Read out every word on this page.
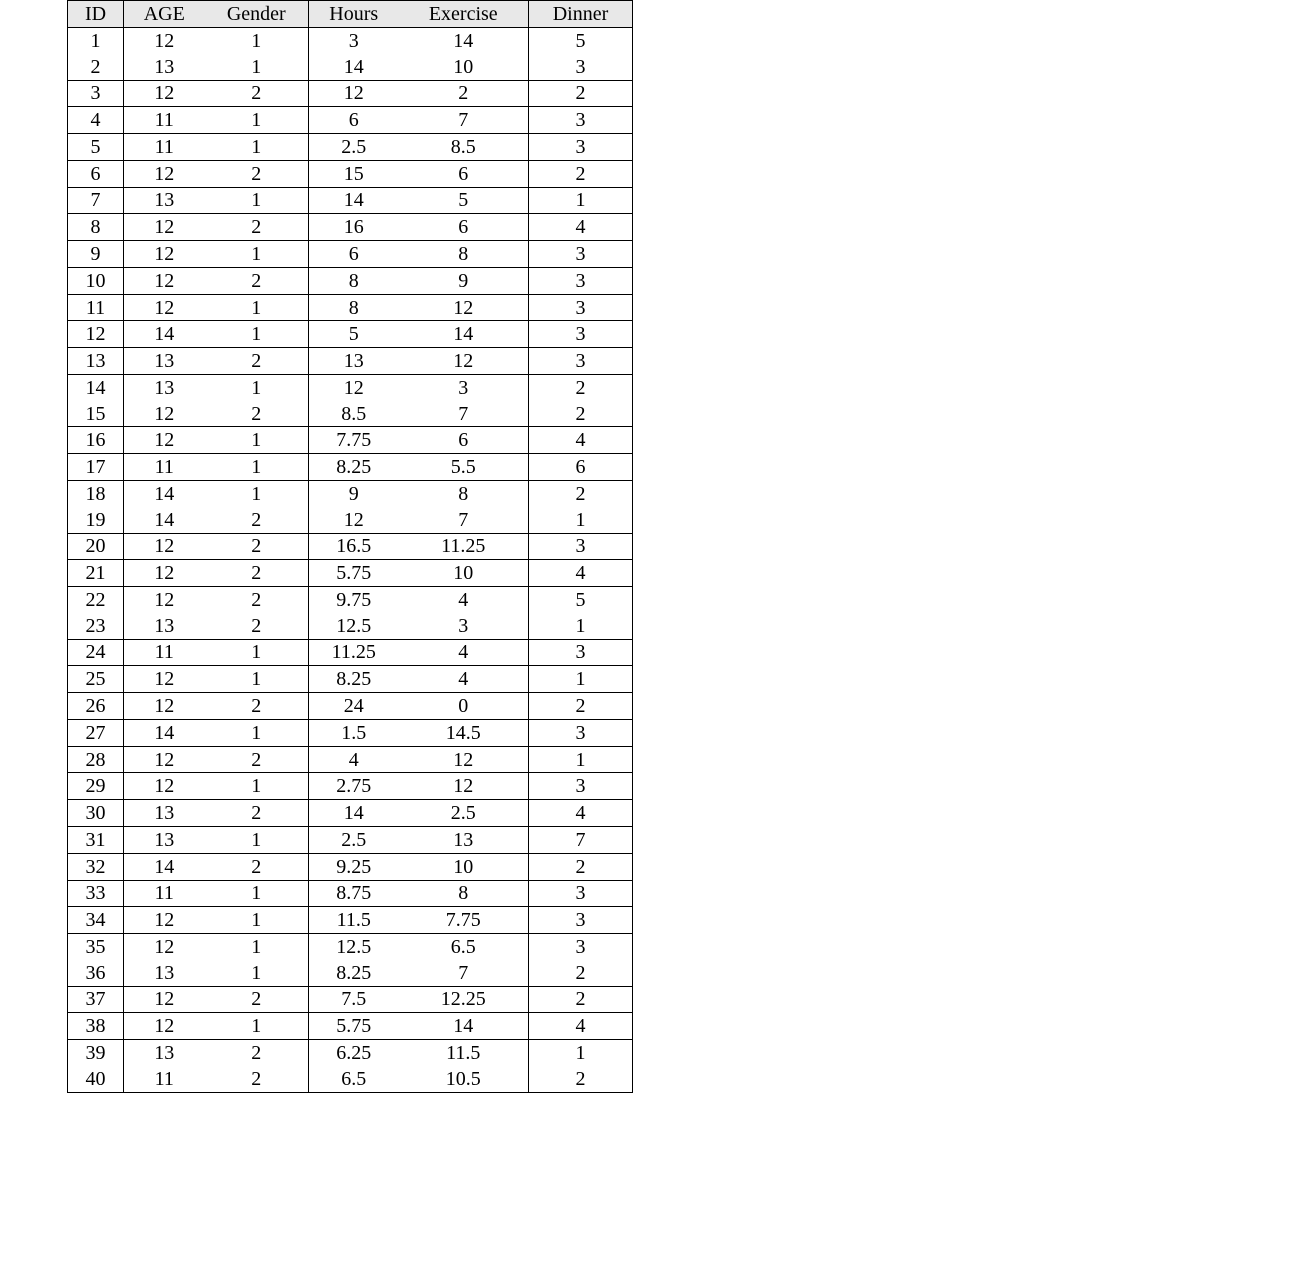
ID	AGE	Gender	Hours	Exercise	Dinner
1	12	1	3	14	5
2	13	1	14	10	3
3	12	2	12	2	2
4	11	1	6	7	3
5	11	1	2.5	8.5	3
6	12	2	15	6	2
7	13	1	14	5	1
8	12	2	16	6	4
9	12	1	6	8	3
10	12	2	8	9	3
11	12	1	8	12	3
12	14	1	5	14	3
13	13	2	13	12	3
14	13	1	12	3	2
15	12	2	8.5	7	2
16	12	1	7.75	6	4
17	11	1	8.25	5.5	6
18	14	1	9	8	2
19	14	2	12	7	1
20	12	2	16.5	11.25	3
21	12	2	5.75	10	4
22	12	2	9.75	4	5
23	13	2	12.5	3	1
24	11	1	11.25	4	3
25	12	1	8.25	4	1
26	12	2	24	0	2
27	14	1	1.5	14.5	3
28	12	2	4	12	1
29	12	1	2.75	12	3
30	13	2	14	2.5	4
31	13	1	2.5	13	7
32	14	2	9.25	10	2
33	11	1	8.75	8	3
34	12	1	11.5	7.75	3
35	12	1	12.5	6.5	3
36	13	1	8.25	7	2
37	12	2	7.5	12.25	2
38	12	1	5.75	14	4
39	13	2	6.25	11.5	1
40	11	2	6.5	10.5	2
